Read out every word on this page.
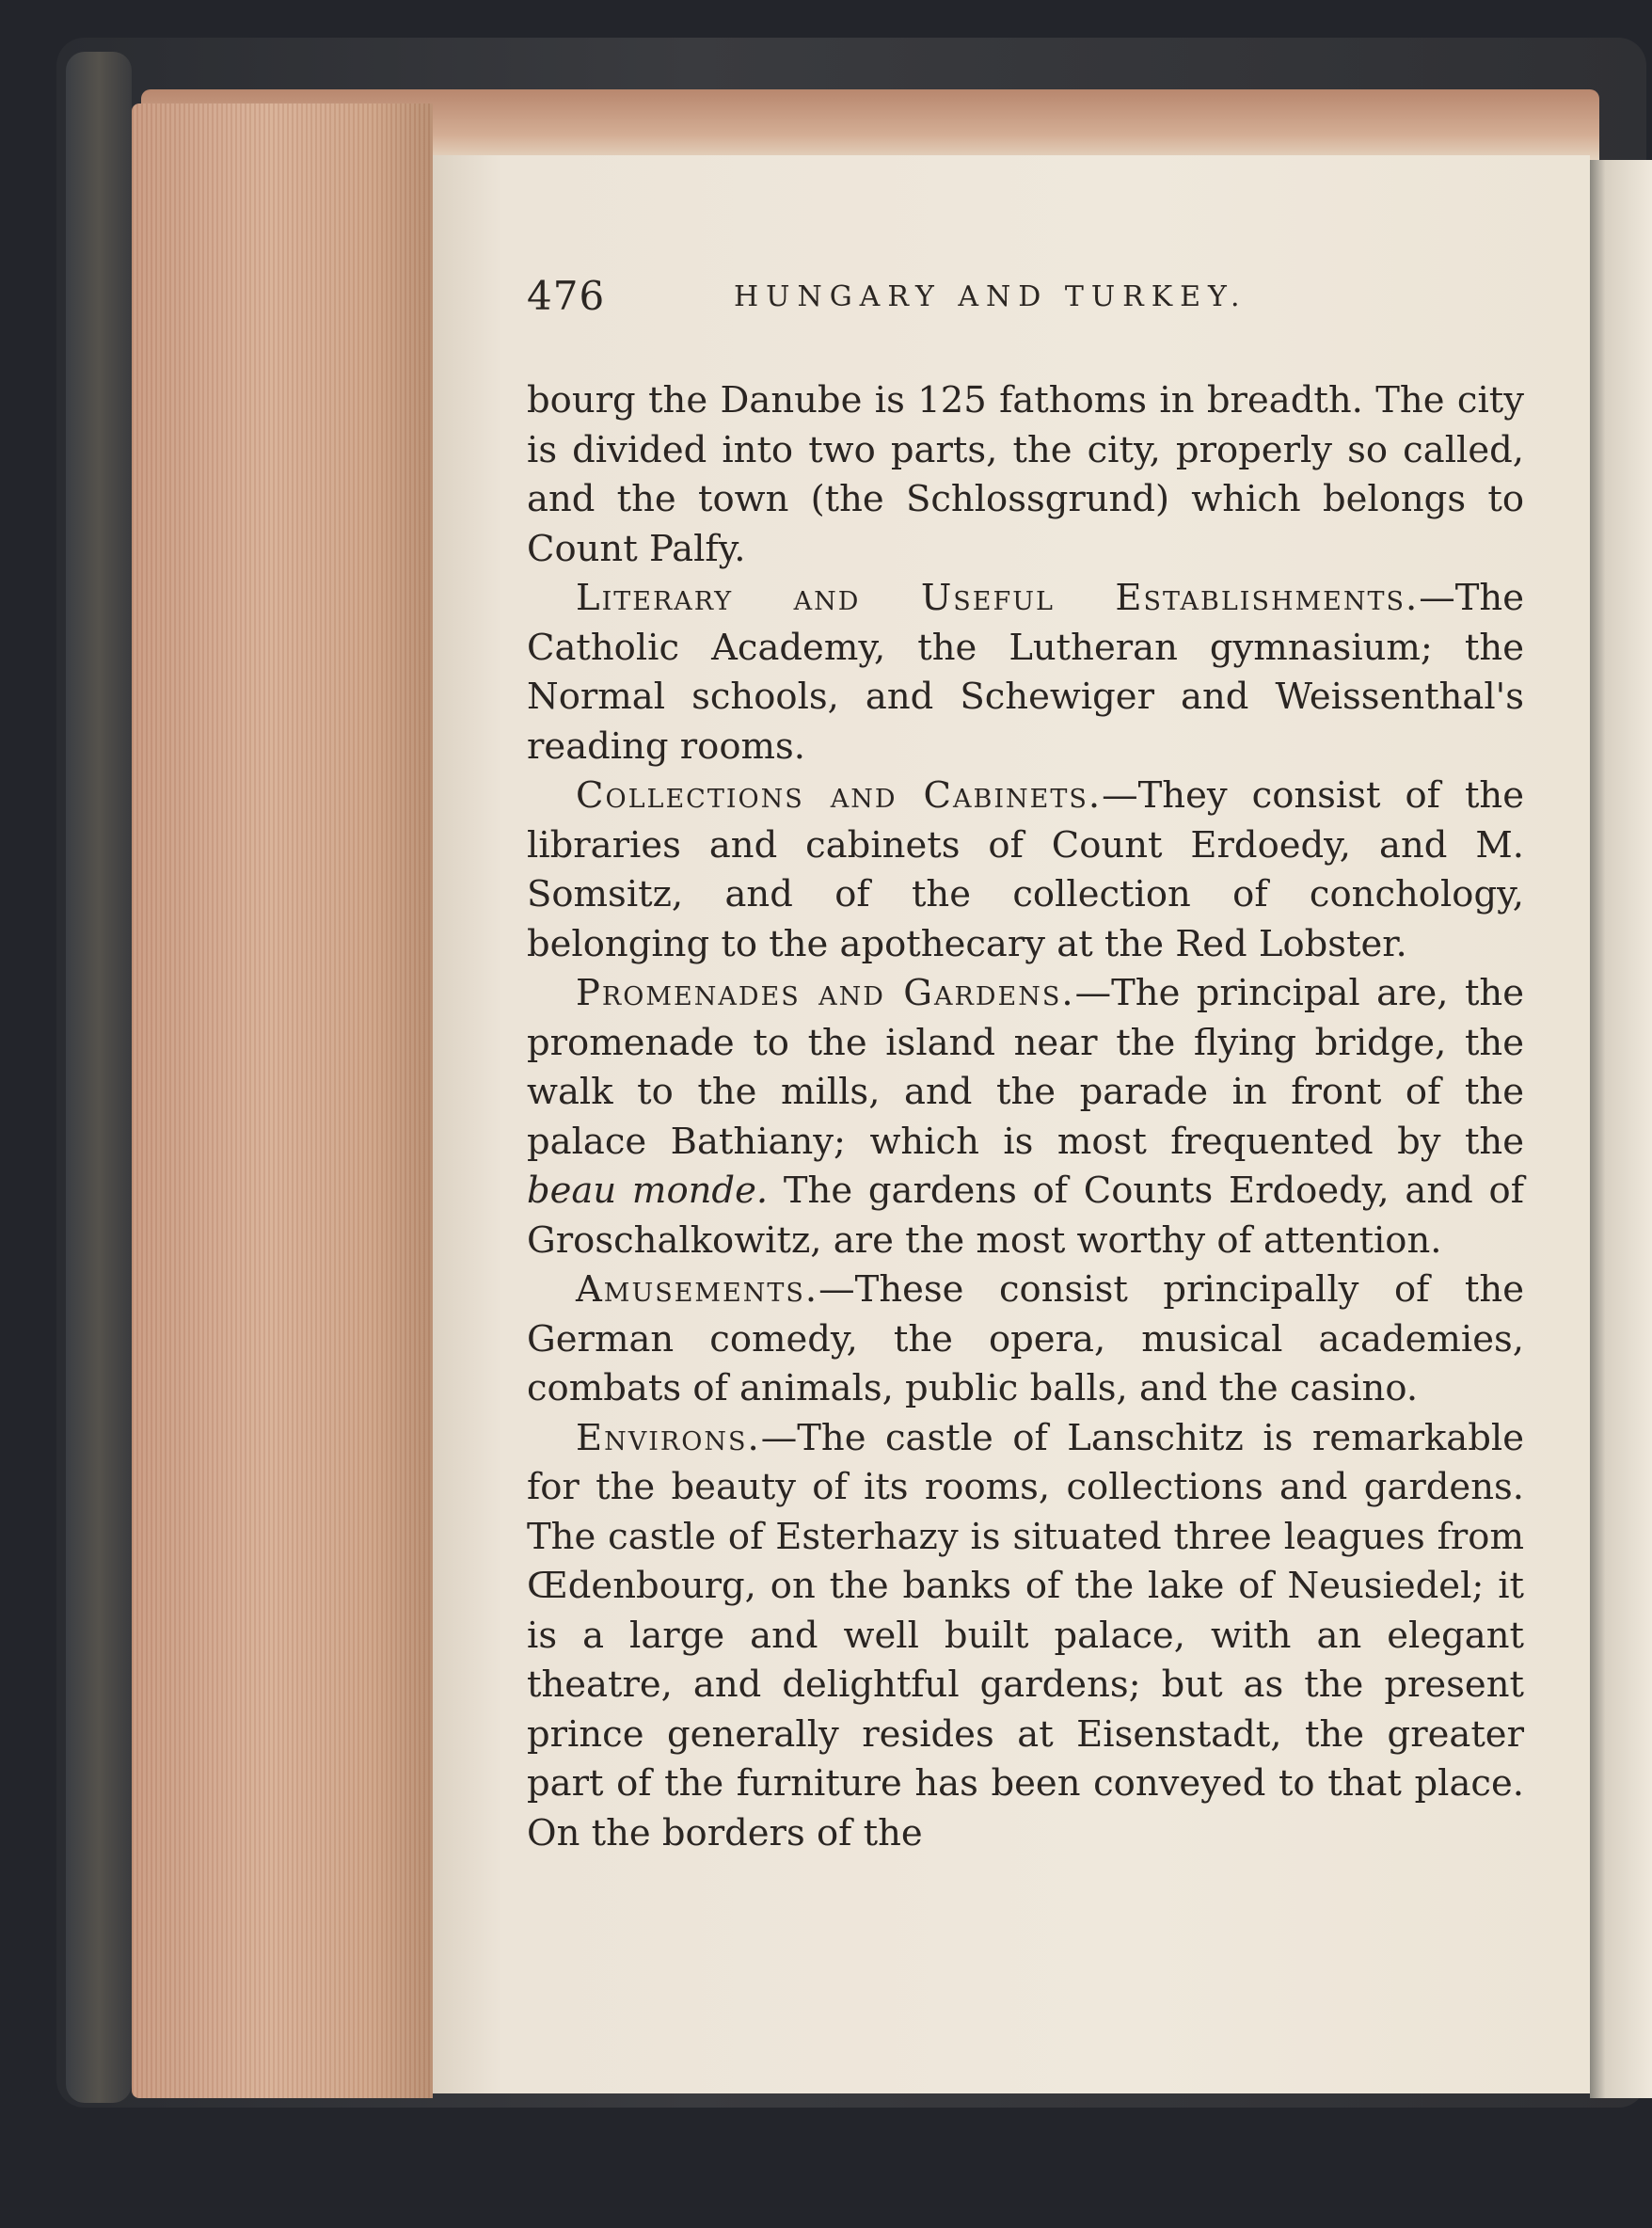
476	HUNGARY AND TURKEY.

bourg the Danube is 125 fathoms in breadth. The city is divided into two parts, the city, properly so called, and the town (the Schlossgrund) which belongs to Count Palfy.

Literary and Useful Establishments.—The Catholic Academy, the Lutheran gymnasium; the Normal schools, and Schewiger and Weissenthal's reading rooms.

Collections and Cabinets.—They consist of the libraries and cabinets of Count Erdoedy, and M. Somsitz, and of the collection of conchology, belonging to the apothecary at the Red Lobster.

Promenades and Gardens.—The principal are, the promenade to the island near the flying bridge, the walk to the mills, and the parade in front of the palace Bathiany; which is most frequented by the beau monde. The gardens of Counts Erdoedy, and of Groschalkowitz, are the most worthy of attention.

Amusements.—These consist principally of the German comedy, the opera, musical academies, combats of animals, public balls, and the casino.

Environs.—The castle of Lanschitz is remarkable for the beauty of its rooms, collections and gardens. The castle of Esterhazy is situated three leagues from Œdenbourg, on the banks of the lake of Neusiedel; it is a large and well built palace, with an elegant theatre, and delightful gardens; but as the present prince generally resides at Eisenstadt, the greater part of the furniture has been conveyed to that place. On the borders of the
